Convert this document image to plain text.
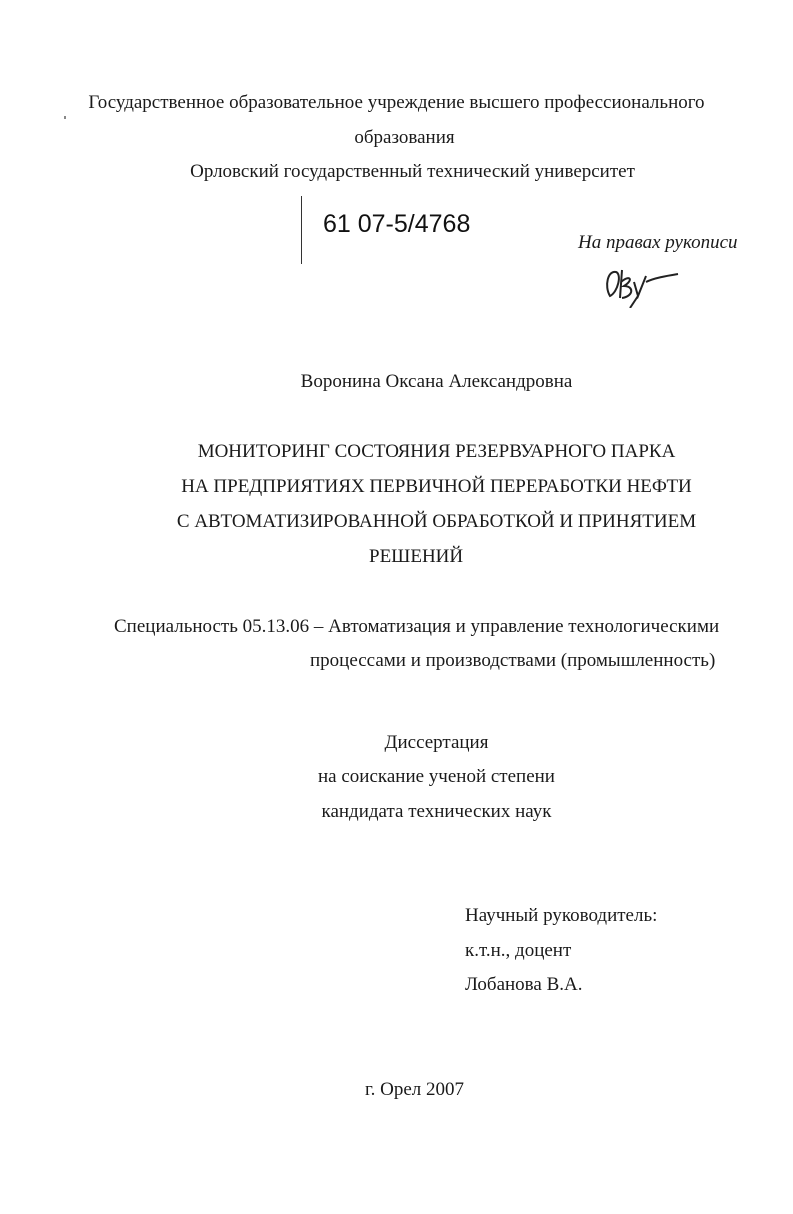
Государственное образовательное учреждение высшего профессионального
образования
Орловский государственный технический университет
61 07-5/4768
На правах рукописи
Воронина Оксана Александровна
МОНИТОРИНГ СОСТОЯНИЯ РЕЗЕРВУАРНОГО ПАРКА
НА ПРЕДПРИЯТИЯХ ПЕРВИЧНОЙ ПЕРЕРАБОТКИ НЕФТИ
С АВТОМАТИЗИРОВАННОЙ ОБРАБОТКОЙ И ПРИНЯТИЕМ
РЕШЕНИЙ
Специальность 05.13.06 – Автоматизация и управление технологическими
процессами и производствами (промышленность)
Диссертация
на соискание ученой степени
кандидата технических наук
Научный руководитель:
к.т.н., доцент
Лобанова В.А.
г. Орел 2007
